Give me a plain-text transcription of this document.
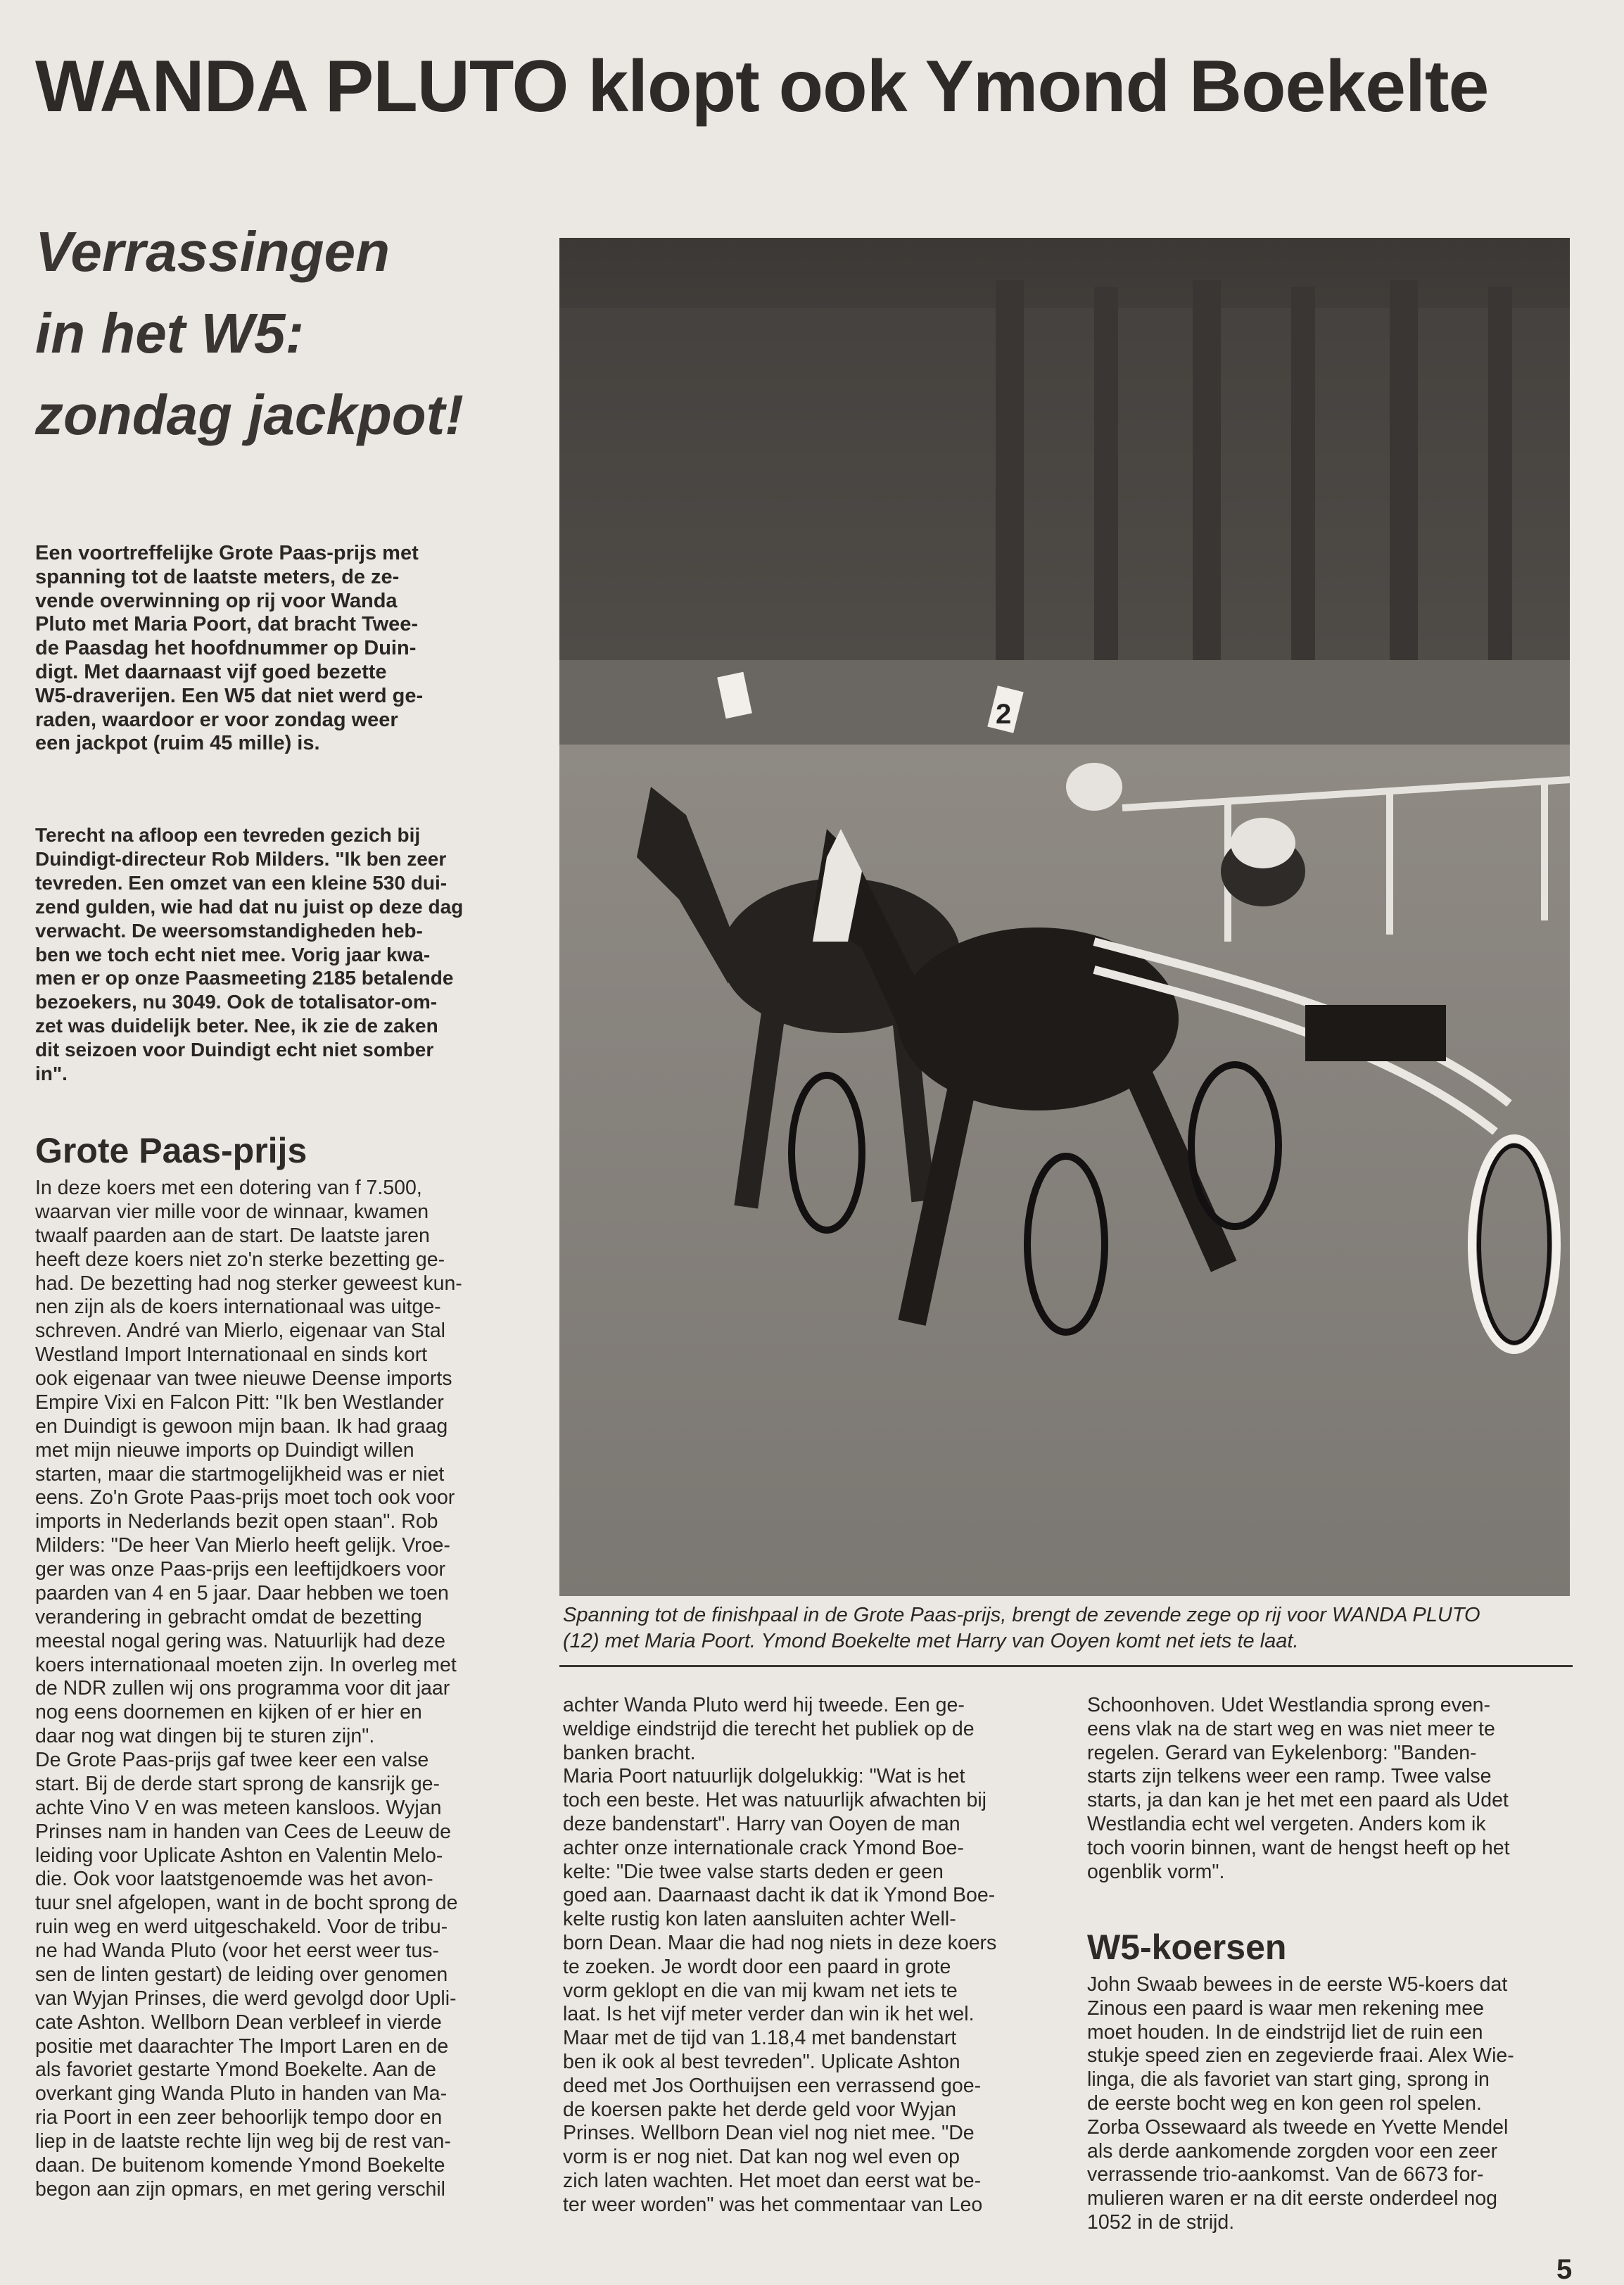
WANDA PLUTO klopt ook Ymond Boekelte
Verrassingen
in het W5:
zondag jackpot!
Een voortreffelijke Grote Paas-prijs met
spanning tot de laatste meters, de ze-
vende overwinning op rij voor Wanda
Pluto met Maria Poort, dat bracht Twee-
de Paasdag het hoofdnummer op Duin-
digt. Met daarnaast vijf goed bezette
W5-draverijen. Een W5 dat niet werd ge-
raden, waardoor er voor zondag weer
een jackpot (ruim 45 mille) is.
Terecht na afloop een tevreden gezich bij
Duindigt-directeur Rob Milders. "Ik ben zeer
tevreden. Een omzet van een kleine 530 dui-
zend gulden, wie had dat nu juist op deze dag
verwacht. De weersomstandigheden heb-
ben we toch echt niet mee. Vorig jaar kwa-
men er op onze Paasmeeting 2185 betalende
bezoekers, nu 3049. Ook de totalisator-om-
zet was duidelijk beter. Nee, ik zie de zaken
dit seizoen voor Duindigt echt niet somber
in".
Grote Paas-prijs
In deze koers met een dotering van f 7.500,
waarvan vier mille voor de winnaar, kwamen
twaalf paarden aan de start. De laatste jaren
heeft deze koers niet zo'n sterke bezetting ge-
had. De bezetting had nog sterker geweest kun-
nen zijn als de koers internationaal was uitge-
schreven. André van Mierlo, eigenaar van Stal
Westland Import Internationaal en sinds kort
ook eigenaar van twee nieuwe Deense imports
Empire Vixi en Falcon Pitt: "Ik ben Westlander
en Duindigt is gewoon mijn baan. Ik had graag
met mijn nieuwe imports op Duindigt willen
starten, maar die startmogelijkheid was er niet
eens. Zo'n Grote Paas-prijs moet toch ook voor
imports in Nederlands bezit open staan". Rob
Milders: "De heer Van Mierlo heeft gelijk. Vroe-
ger was onze Paas-prijs een leeftijdkoers voor
paarden van 4 en 5 jaar. Daar hebben we toen
verandering in gebracht omdat de bezetting
meestal nogal gering was. Natuurlijk had deze
koers internationaal moeten zijn. In overleg met
de NDR zullen wij ons programma voor dit jaar
nog eens doornemen en kijken of er hier en
daar nog wat dingen bij te sturen zijn".
De Grote Paas-prijs gaf twee keer een valse
start. Bij de derde start sprong de kansrijk ge-
achte Vino V en was meteen kansloos. Wyjan
Prinses nam in handen van Cees de Leeuw de
leiding voor Uplicate Ashton en Valentin Melo-
die. Ook voor laatstgenoemde was het avon-
tuur snel afgelopen, want in de bocht sprong de
ruin weg en werd uitgeschakeld. Voor de tribu-
ne had Wanda Pluto (voor het eerst weer tus-
sen de linten gestart) de leiding over genomen
van Wyjan Prinses, die werd gevolgd door Upli-
cate Ashton. Wellborn Dean verbleef in vierde
positie met daarachter The Import Laren en de
als favoriet gestarte Ymond Boekelte. Aan de
overkant ging Wanda Pluto in handen van Ma-
ria Poort in een zeer behoorlijk tempo door en
liep in de laatste rechte lijn weg bij de rest van-
daan. De buitenom komende Ymond Boekelte
begon aan zijn opmars, en met gering verschil
2
Spanning tot de finishpaal in de Grote Paas-prijs, brengt de zevende zege op rij voor WANDA PLUTO
(12) met Maria Poort. Ymond Boekelte met Harry van Ooyen komt net iets te laat.
achter Wanda Pluto werd hij tweede. Een ge-
weldige eindstrijd die terecht het publiek op de
banken bracht.
Maria Poort natuurlijk dolgelukkig: "Wat is het
toch een beste. Het was natuurlijk afwachten bij
deze bandenstart". Harry van Ooyen de man
achter onze internationale crack Ymond Boe-
kelte: "Die twee valse starts deden er geen
goed aan. Daarnaast dacht ik dat ik Ymond Boe-
kelte rustig kon laten aansluiten achter Well-
born Dean. Maar die had nog niets in deze koers
te zoeken. Je wordt door een paard in grote
vorm geklopt en die van mij kwam net iets te
laat. Is het vijf meter verder dan win ik het wel.
Maar met de tijd van 1.18,4 met bandenstart
ben ik ook al best tevreden". Uplicate Ashton
deed met Jos Oorthuijsen een verrassend goe-
de koersen pakte het derde geld voor Wyjan
Prinses. Wellborn Dean viel nog niet mee. "De
vorm is er nog niet. Dat kan nog wel even op
zich laten wachten. Het moet dan eerst wat be-
ter weer worden" was het commentaar van Leo
Schoonhoven. Udet Westlandia sprong even-
eens vlak na de start weg en was niet meer te
regelen. Gerard van Eykelenborg: "Banden-
starts zijn telkens weer een ramp. Twee valse
starts, ja dan kan je het met een paard als Udet
Westlandia echt wel vergeten. Anders kom ik
toch voorin binnen, want de hengst heeft op het
ogenblik vorm".
W5-koersen
John Swaab bewees in de eerste W5-koers dat
Zinous een paard is waar men rekening mee
moet houden. In de eindstrijd liet de ruin een
stukje speed zien en zegevierde fraai. Alex Wie-
linga, die als favoriet van start ging, sprong in
de eerste bocht weg en kon geen rol spelen.
Zorba Ossewaard als tweede en Yvette Mendel
als derde aankomende zorgden voor een zeer
verrassende trio-aankomst. Van de 6673 for-
mulieren waren er na dit eerste onderdeel nog
1052 in de strijd.
5
